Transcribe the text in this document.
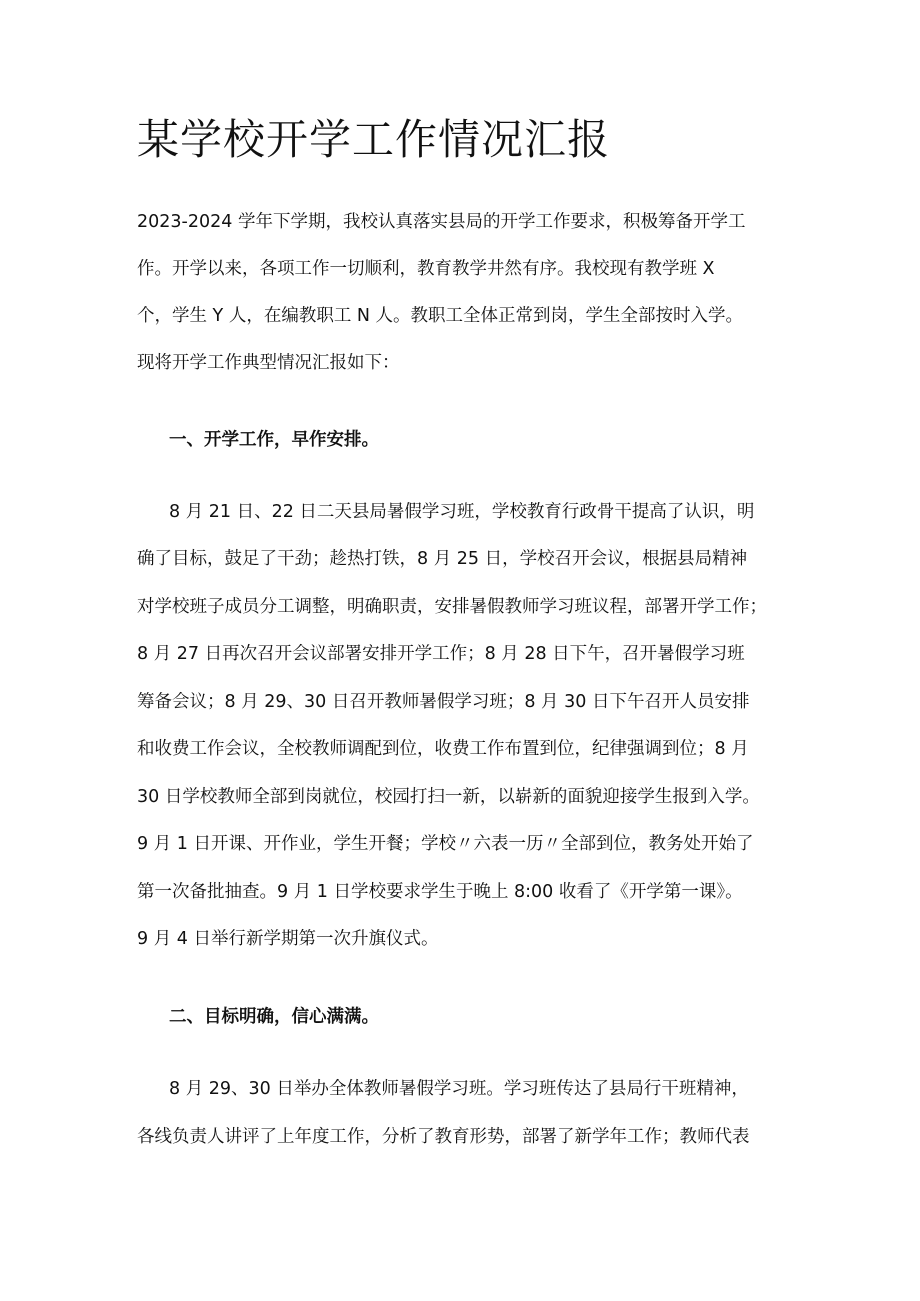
某学校开学工作情况汇报

2023-2024 学年下学期，我校认真落实县局的开学工作要求，积极筹备开学工

作。开学以来，各项工作一切顺利，教育教学井然有序。我校现有教学班 X

个，学生 Y 人，在编教职工 N 人。教职工全体正常到岗，学生全部按时入学。

现将开学工作典型情况汇报如下：

一、开学工作，早作安排。

8 月 21 日、22 日二天县局暑假学习班，学校教育行政骨干提高了认识，明

确了目标，鼓足了干劲；趁热打铁，8 月 25 日，学校召开会议，根据县局精神

对学校班子成员分工调整，明确职责，安排暑假教师学习班议程，部署开学工作；

8 月 27 日再次召开会议部署安排开学工作；8 月 28 日下午，召开暑假学习班

筹备会议；8 月 29、30 日召开教师暑假学习班；8 月 30 日下午召开人员安排

和收费工作会议，全校教师调配到位，收费工作布置到位，纪律强调到位；8 月

30 日学校教师全部到岗就位，校园打扫一新，以崭新的面貌迎接学生报到入学。

9 月 1 日开课、开作业，学生开餐；学校〃六表一历〃全部到位，教务处开始了

第一次备批抽查。9 月 1 日学校要求学生于晚上 8:00 收看了《开学第一课》。

9 月 4 日举行新学期第一次升旗仪式。

二、目标明确，信心满满。

8 月 29、30 日举办全体教师暑假学习班。学习班传达了县局行干班精神，

各线负责人讲评了上年度工作，分析了教育形势，部署了新学年工作；教师代表
